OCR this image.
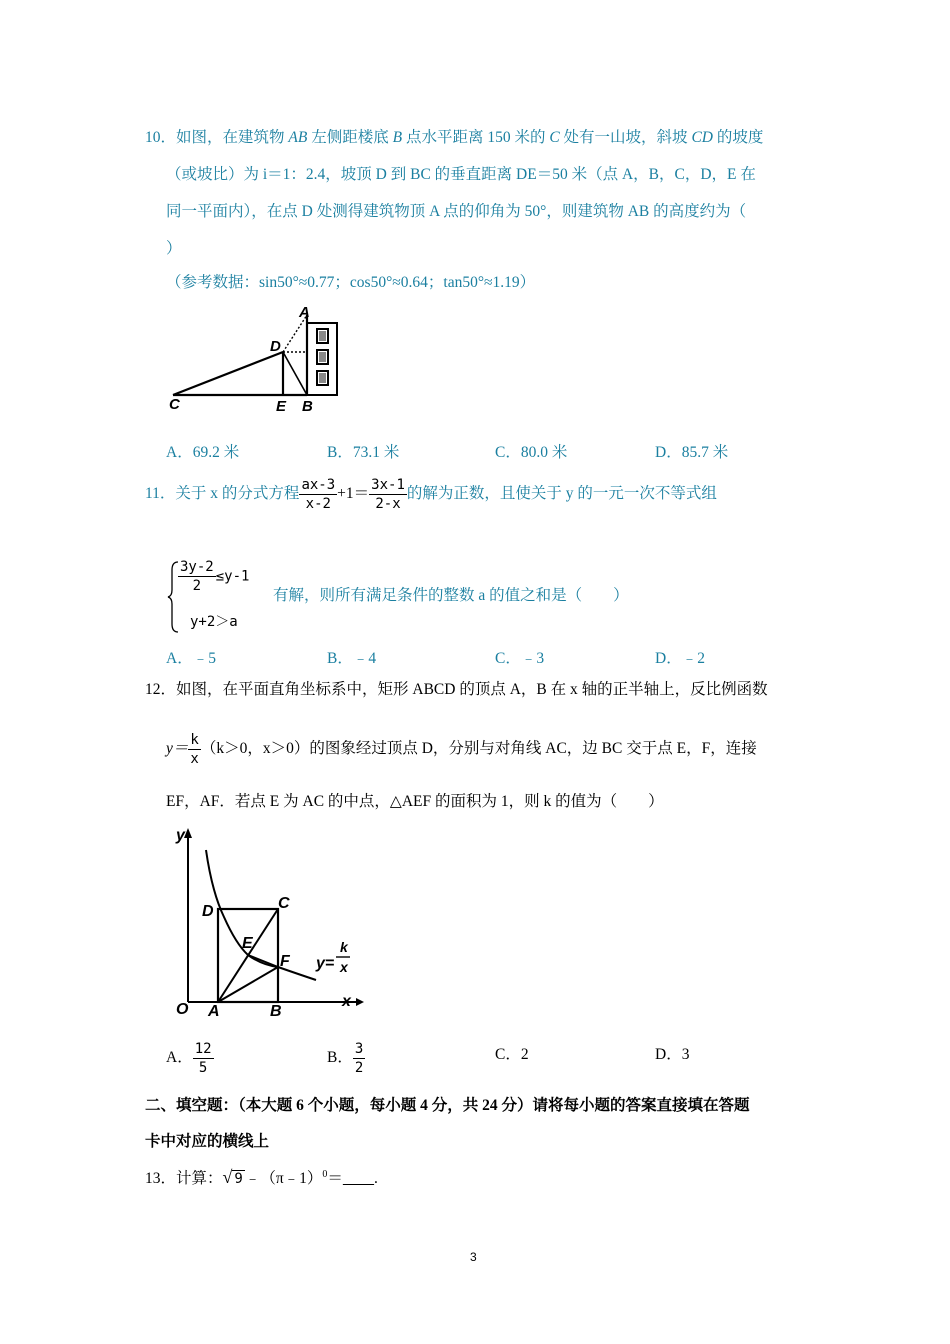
10．如图，在建筑物 AB 左侧距楼底 B 点水平距离 150 米的 C 处有一山坡，斜坡 CD 的坡度
（或坡比）为 i＝1：2.4，坡顶 D 到 BC 的垂直距离 DE＝50 米（点 A，B，C，D，E 在
同一平面内），在点 D 处测得建筑物顶 A 点的仰角为 50°，则建筑物 AB 的高度约为（
）
（参考数据：sin50°≈0.77；cos50°≈0.64；tan50°≈1.19）
A
D
C	E B
A．69.2 米	B．73.1 米	C．80.0 米	D．85.7 米
11．关于 x 的分式方程 $\frac{ax-3}{x-2} +1= \frac{3x-1}{2-x}$ 的解为正数，且使关于 y 的一元一次不等式组
$\frac{3y-2}{2} \le y-1$
y+2＞a
有解，则所有满足条件的整数 a 的值之和是（　　）
A．﹣5	B．﹣4	C．﹣3	D．﹣2
12．如图，在平面直角坐标系中，矩形 ABCD 的顶点 A，B 在 x 轴的正半轴上，反比例函数
$y= \frac{k}{x} (k>0$，x＞0）的图象经过顶点 D，分别与对角线 AC，边 BC 交于点 E，F，连接
EF，AF．若点 E 为 AC 的中点，△AEF 的面积为 1，则 k 的值为（　　）
y
x
O A	B
C
D
E
F y=
k
x
A． $\frac{12}{5}$	B． $\frac{3}{2}$	C．2	D．3
二、填空题：（本大题 6 个小题，每小题 4 分，共 24 分）请将每小题的答案直接填在答题
卡中对应的横线上
13．计算：√ 9 ﹣（π﹣1）$^0$＝____.
3
